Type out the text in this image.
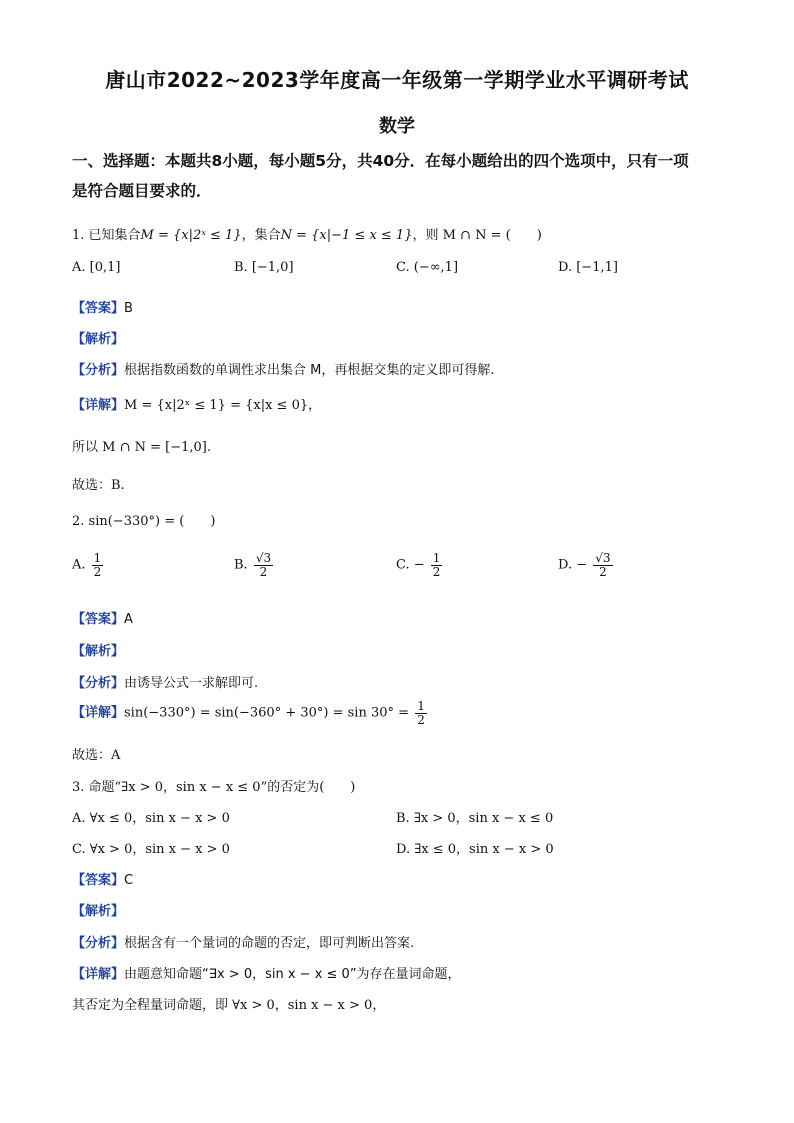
唐山市2022~2023学年度高一年级第一学期学业水平调研考试
数学
一、选择题：本题共8小题，每小题5分，共40分．在每小题给出的四个选项中，只有一项
是符合题目要求的．
1. 已知集合M = {x|2ˣ ≤ 1}，集合N = {x|−1 ≤ x ≤ 1}，则 M ∩ N = (　　)
A. [0,1]	B. [−1,0]	C. (−∞,1]	D. [−1,1]
【答案】B
【解析】
【分析】根据指数函数的单调性求出集合 M，再根据交集的定义即可得解.
【详解】M = {x|2ˣ ≤ 1} = {x|x ≤ 0}，
所以 M ∩ N = [−1,0].
故选：B.
2. sin(−330°) = (　　)
A. $\frac{1}{2}$	B. $\frac{√3}{2}$	C. − $\frac{1}{2}$	D. − $\frac{√3}{2}$
【答案】A
【解析】
【分析】由诱导公式一求解即可.
【详解】$\sin(-330^\circ) = \sin(-360^\circ + 30^\circ) = \sin 30^\circ = \frac{1}{2}$
故选：A
3. 命题“∃x > 0，sin x − x ≤ 0”的否定为(　　)
A. ∀x ≤ 0，sin x − x > 0	B. ∃x > 0，sin x − x ≤ 0
C. ∀x > 0，sin x − x > 0	D. ∃x ≤ 0，sin x − x > 0
【答案】C
【解析】
【分析】根据含有一个量词的命题的否定，即可判断出答案.
【详解】由题意知命题“∃x > 0，sin x − x ≤ 0”为存在量词命题，
其否定为全程量词命题，即 ∀x > 0，sin x − x > 0，
